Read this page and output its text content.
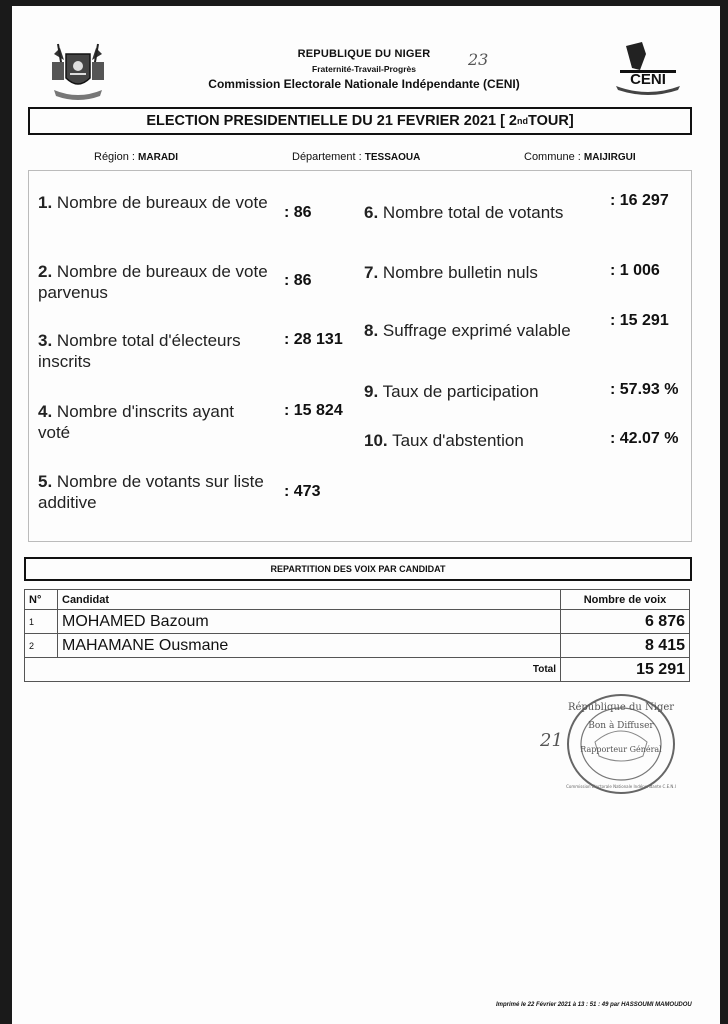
CENI
REPUBLIQUE DU NIGER
Fraternité-Travail-Progrès
Commission Electorale Nationale Indépendante (CENI)
23
ELECTION PRESIDENTIELLE DU 21 FEVRIER 2021 [ 2 nd TOUR]
Région : MARADI	Département : TESSAOUA	Commune : MAIJIRGUI
1. Nombre de bureaux de vote
: 86
2. Nombre de bureaux de vote parvenus
: 86
3. Nombre total d'électeurs inscrits
: 28 131
4. Nombre d'inscrits ayant voté
: 15 824
5. Nombre de votants sur liste additive
: 473
6. Nombre total de votants
: 16 297
7. Nombre bulletin nuls	: 1 006
8. Suffrage exprimé valable
: 15 291
9. Taux de participation	: 57.93 %
10. Taux d'abstention	: 42.07 %
REPARTITION DES VOIX PAR CANDIDAT
N°	Candidat	Nombre de voix
1	MOHAMED Bazoum	6 876
2	MAHAMANE Ousmane	8 415
Total		15 291
République du Niger
Bon à Diffuser
Rapporteur Général
Commission Electorale Nationale Indépendante C.E.N.I
21
Imprimé le 22 Février 2021 à 13 : 51 : 49 par HASSOUMI MAMOUDOU
